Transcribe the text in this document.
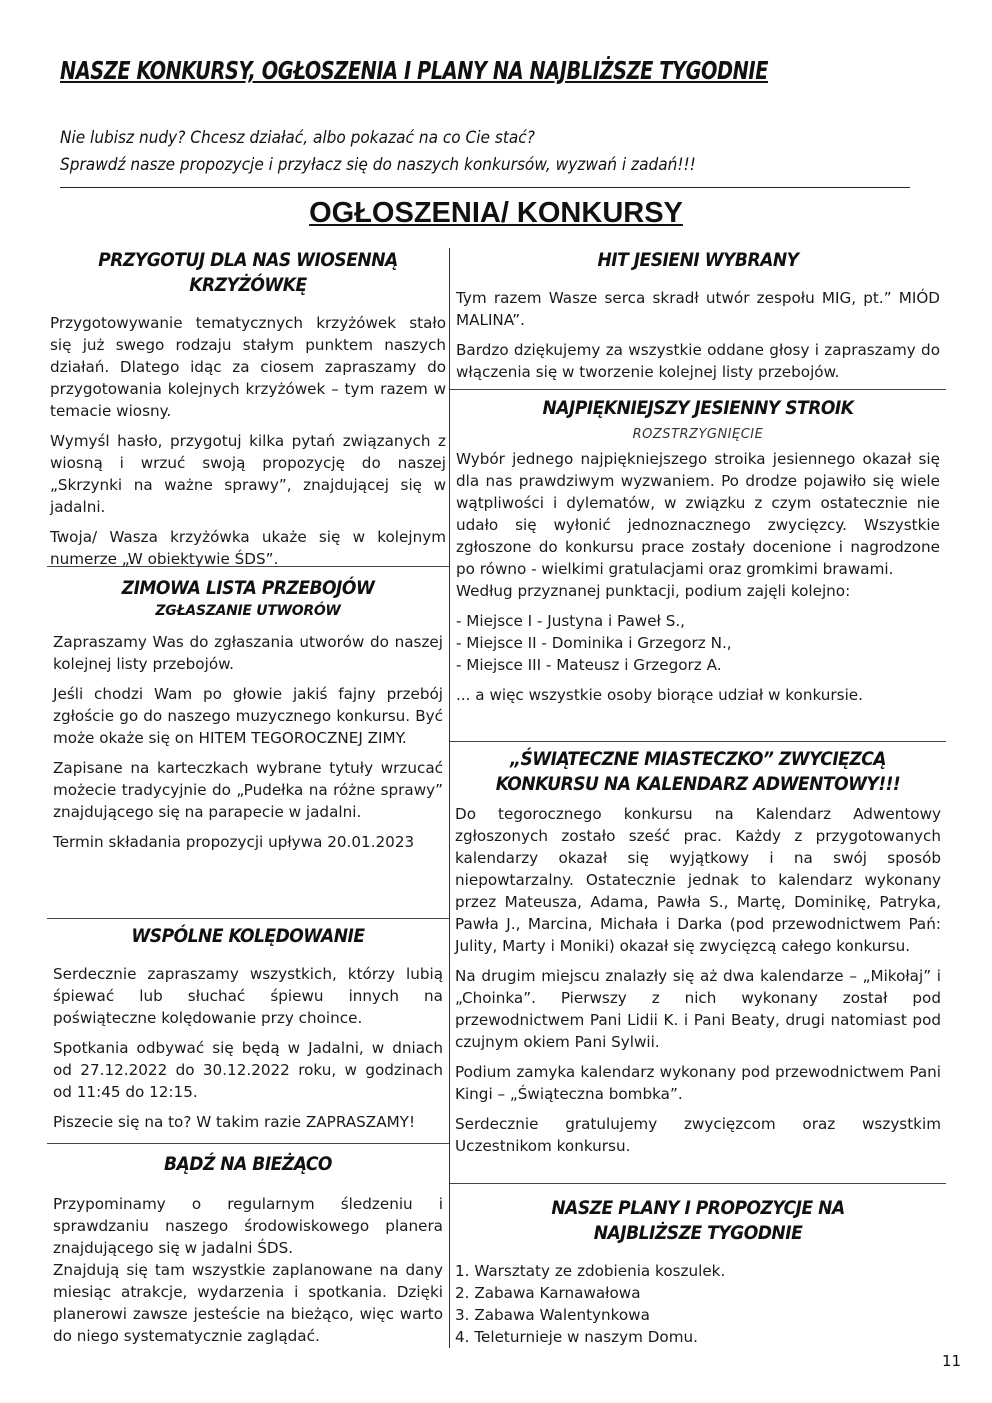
NASZE KONKURSY, OGŁOSZENIA I PLANY NA NAJBLIŻSZE TYGODNIE
Nie lubisz nudy? Chcesz działać, albo pokazać na co Cie stać?
Sprawdź nasze propozycje i przyłacz się do naszych konkursów, wyzwań i zadań!!!
OGŁOSZENIA/ KONKURSY
PRZYGOTUJ DLA NAS WIOSENNĄ KRZYŻÓWKĘ

Przygotowywanie tematycznych krzyżówek stało się już swego rodzaju stałym punktem naszych działań. Dlatego idąc za ciosem zapraszamy do przygotowania kolejnych krzyżówek – tym razem w temacie wiosny.

Wymyśl hasło, przygotuj kilka pytań związanych z wiosną i wrzuć swoją propozycję do naszej „Skrzynki na ważne sprawy”, znajdującej się w jadalni.

Twoja/ Wasza krzyżówka ukaże się w kolejnym numerze „W obiektywie ŚDS”.

ZIMOWA LISTA PRZEBOJÓW
ZGŁASZANIE UTWORÓW

Zapraszamy Was do zgłaszania utworów do naszej kolejnej listy przebojów.

Jeśli chodzi Wam po głowie jakiś fajny przebój zgłoście go do naszego muzycznego konkursu. Być może okaże się on HITEM TEGOROCZNEJ ZIMY.

Zapisane na karteczkach wybrane tytuły wrzucać możecie tradycyjnie do „Pudełka na różne sprawy” znajdującego się na parapecie w jadalni.

Termin składania propozycji upływa 20.01.2023

WSPÓLNE KOLĘDOWANIE

Serdecznie zapraszamy wszystkich, którzy lubią śpiewać lub słuchać śpiewu innych na poświąteczne kolędowanie przy choince.

Spotkania odbywać się będą w Jadalni, w dniach od 27.12.2022 do 30.12.2022 roku, w godzinach od 11:45 do 12:15.

Piszecie się na to? W takim razie ZAPRASZAMY!

BĄDŹ NA BIEŻĄCO

Przypominamy o regularnym śledzeniu i sprawdzaniu naszego środowiskowego planera znajdującego się w jadalni ŚDS.

Znajdują się tam wszystkie zaplanowane na dany miesiąc atrakcje, wydarzenia i spotkania. Dzięki planerowi zawsze jesteście na bieżąco, więc warto do niego systematycznie zaglądać.

HIT JESIENI WYBRANY

Tym razem Wasze serca skradł utwór zespołu MIG, pt.” MIÓD MALINA”.

Bardzo dziękujemy za wszystkie oddane głosy i zapraszamy do włączenia się w tworzenie kolejnej listy przebojów.

NAJPIĘKNIEJSZY JESIENNY STROIK
ROZSTRZYGNIĘCIE

Wybór jednego najpiękniejszego stroika jesiennego okazał się dla nas prawdziwym wyzwaniem. Po drodze pojawiło się wiele wątpliwości i dylematów, w związku z czym ostatecznie nie udało się wyłonić jednoznacznego zwycięzcy. Wszystkie zgłoszone do konkursu prace zostały docenione i nagrodzone po równo - wielkimi gratulacjami oraz gromkimi brawami.

Według przyznanej punktacji, podium zajęli kolejno:

- Miejsce I - Justyna i Paweł S.,
- Miejsce II - Dominika i Grzegorz N.,
- Miejsce III - Mateusz i Grzegorz A.

... a więc wszystkie osoby biorące udział w konkursie.

„ŚWIĄTECZNE MIASTECZKO” ZWYCIĘZCĄ KONKURSU NA KALENDARZ ADWENTOWY!!!

Do tegorocznego konkursu na Kalendarz Adwentowy zgłoszonych zostało sześć prac. Każdy z przygotowanych kalendarzy okazał się wyjątkowy i na swój sposób niepowtarzalny. Ostatecznie jednak to kalendarz wykonany przez Mateusza, Adama, Pawła S., Martę, Dominikę, Patryka, Pawła J., Marcina, Michała i Darka (pod przewodnictwem Pań: Julity, Marty i Moniki) okazał się zwycięzcą całego konkursu.

Na drugim miejscu znalazły się aż dwa kalendarze – „Mikołaj” i „Choinka”. Pierwszy z nich wykonany został pod przewodnictwem Pani Lidii K. i Pani Beaty, drugi natomiast pod czujnym okiem Pani Sylwii.

Podium zamyka kalendarz wykonany pod przewodnictwem Pani Kingi – „Świąteczna bombka”.

Serdecznie gratulujemy zwycięzcom oraz wszystkim Uczestnikom konkursu.

NASZE PLANY I PROPOZYCJE NA
NAJBLIŻSZE TYGODNIE
1. Warsztaty ze zdobienia koszulek.
2. Zabawa Karnawałowa
3. Zabawa Walentynkowa
4. Teleturnieje w naszym Domu.
11
